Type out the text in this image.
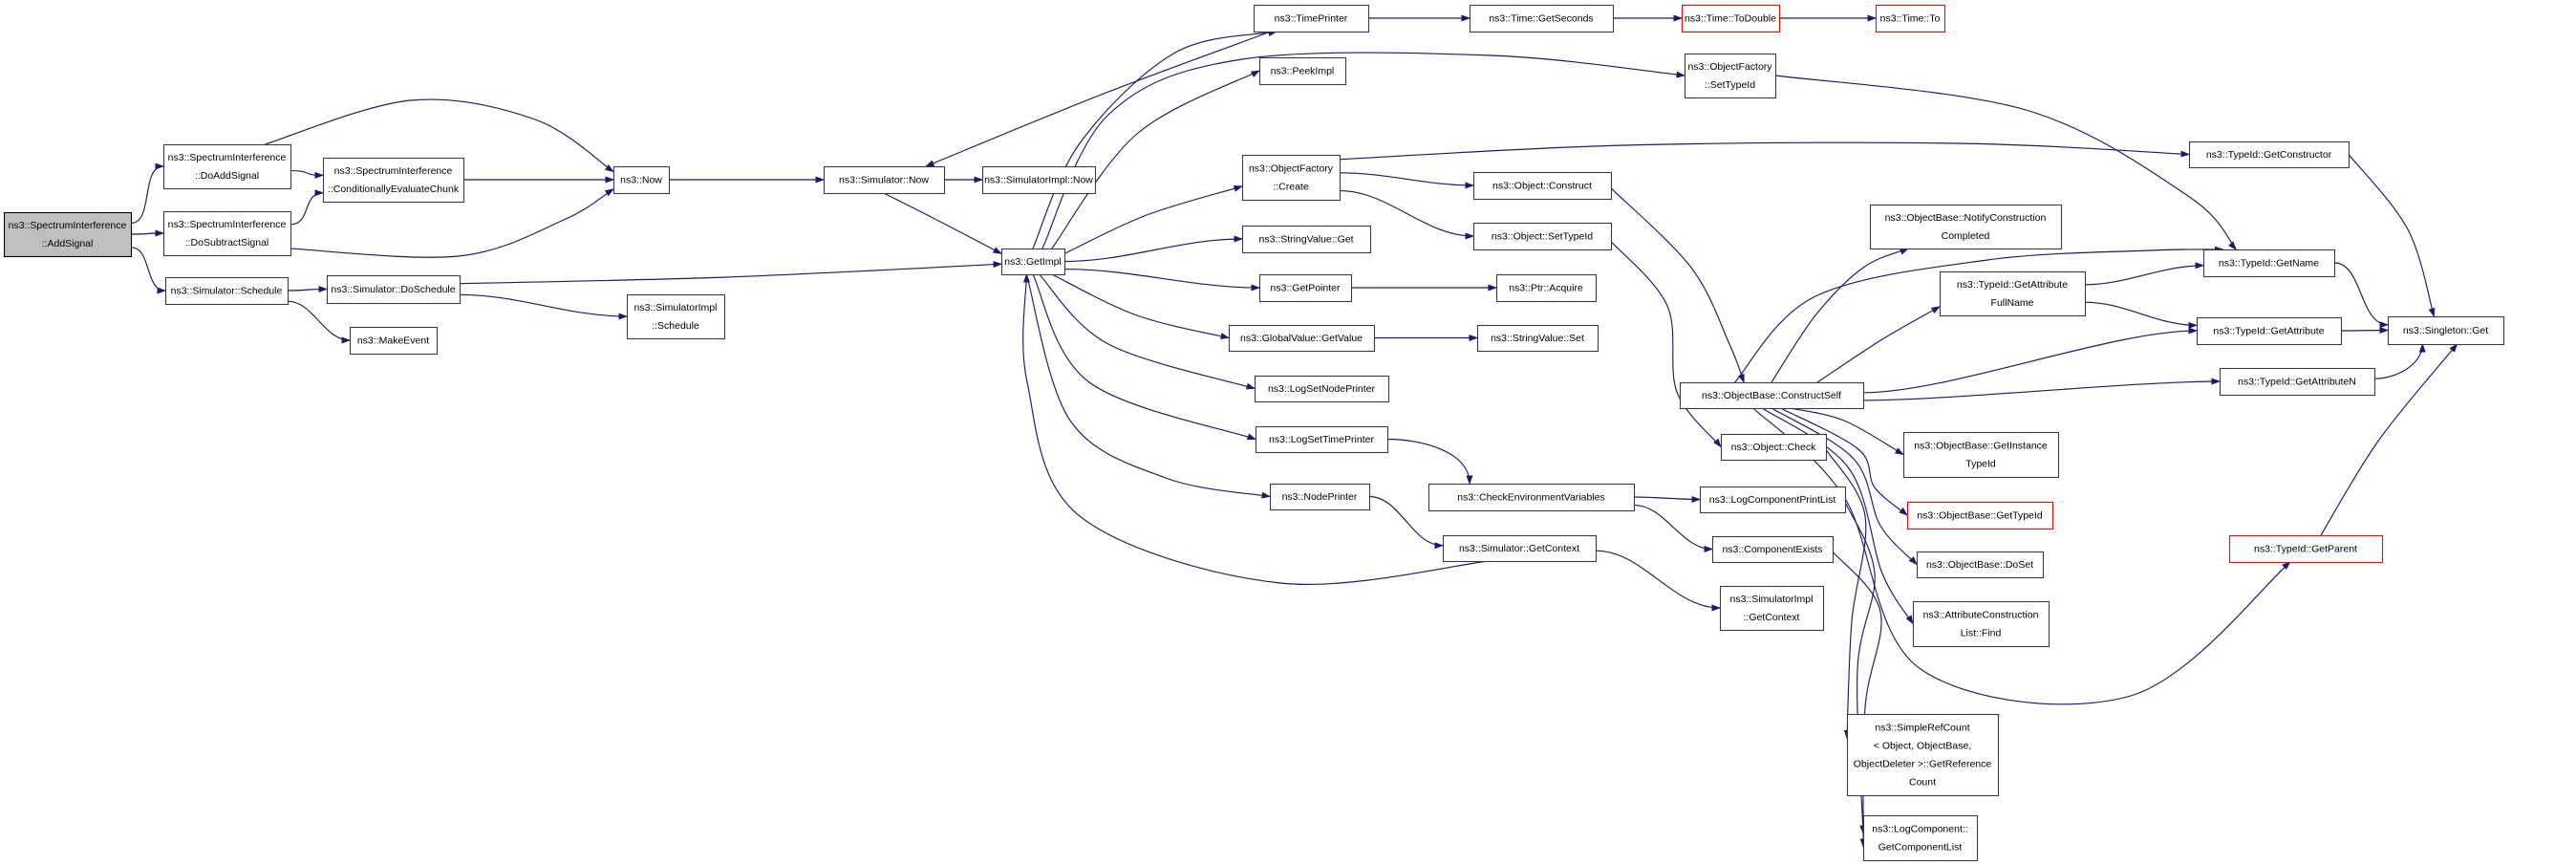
ns3::SpectrumInterference ::AddSignal
ns3::SpectrumInterference ::DoAddSignal	ns3::SpectrumInterference ::ConditionallyEvaluateChunk
ns3::SpectrumInterference ::DoSubtractSignal
ns3::Simulator::Schedule	ns3::Simulator::DoSchedule
ns3::MakeEvent
ns3::SimulatorImpl ::Schedule
ns3::Now	ns3::Simulator::Now	ns3::SimulatorImpl::Now
ns3::GetImpl
ns3::TimePrinter	ns3::Time::GetSeconds	ns3::Time::ToDouble	ns3::Time::To
ns3::PeekImpl	ns3::ObjectFactory ::SetTypeId
ns3::ObjectFactory ::Create	ns3::Object::Construct
ns3::Object::SetTypeId
ns3::StringValue::Get
ns3::GetPointer	ns3::Ptr::Acquire
ns3::GlobalValue::GetValue	ns3::StringValue::Set
ns3::LogSetNodePrinter
ns3::LogSetTimePrinter
ns3::NodePrinter	ns3::CheckEnvironmentVariables
ns3::Simulator::GetContext
ns3::ObjectBase::ConstructSelf
ns3::Object::Check
ns3::LogComponentPrintList
ns3::ComponentExists
ns3::SimulatorImpl ::GetContext
ns3::ObjectBase::NotifyConstruction Completed
ns3::TypeId::GetAttribute FullName
ns3::ObjectBase::GetInstance TypeId
ns3::ObjectBase::GetTypeId
ns3::ObjectBase::DoSet
ns3::AttributeConstruction List::Find
ns3::SimpleRefCount < Object, ObjectBase, ObjectDeleter >::GetReference Count
ns3::LogComponent:: GetComponentList
ns3::TypeId::GetConstructor
ns3::TypeId::GetName
ns3::TypeId::GetAttribute
ns3::TypeId::GetAttributeN
ns3::TypeId::GetParent
ns3::Singleton::Get
